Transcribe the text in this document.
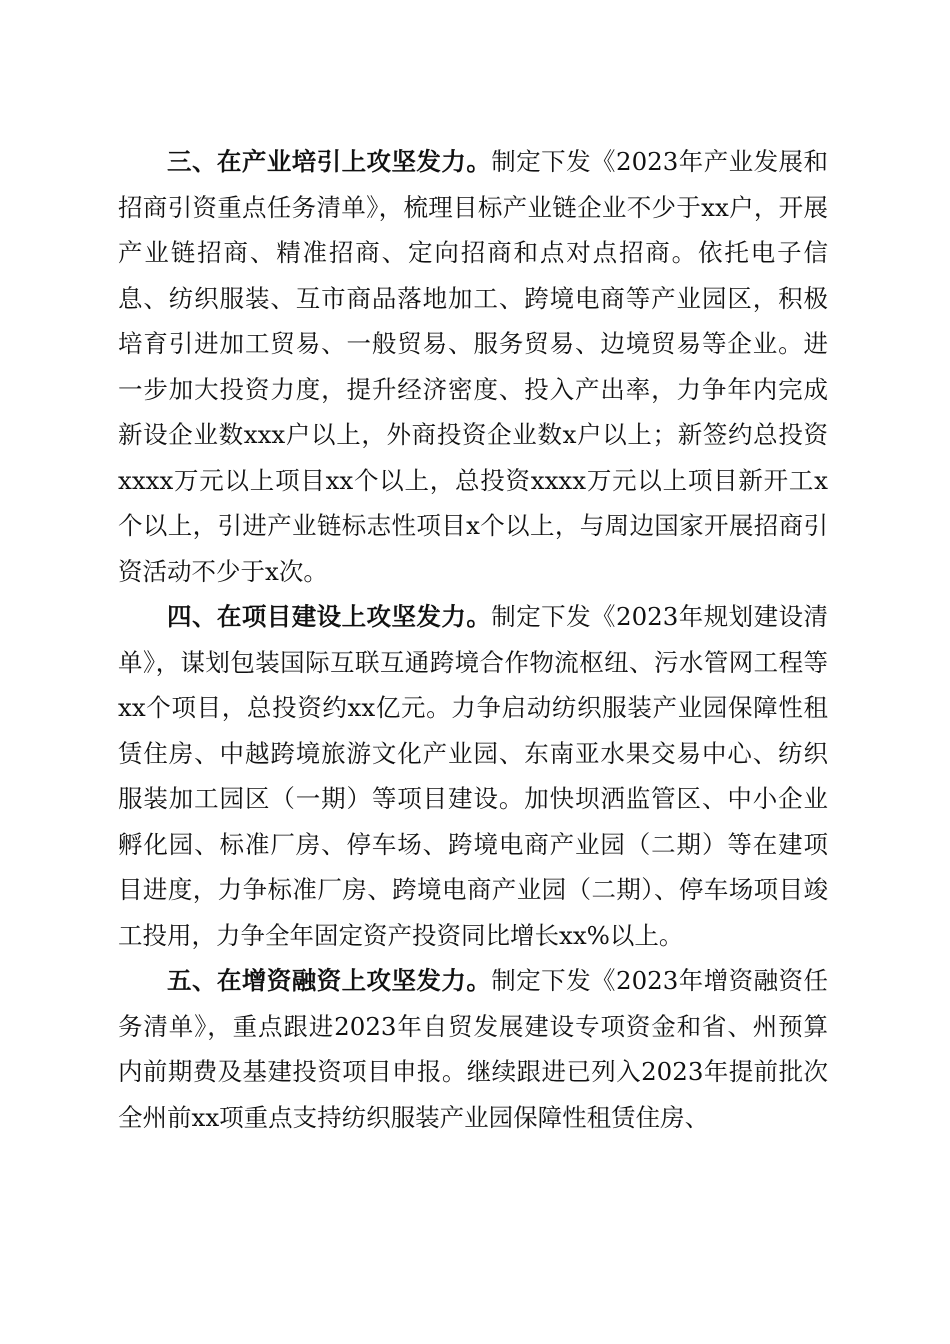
三、在产业培引上攻坚发力。制定下发《2023年产业发展和招商引资重点任务清单》，梳理目标产业链企业不少于xx户，开展产业链招商、精准招商、定向招商和点对点招商。依托电子信息、纺织服装、互市商品落地加工、跨境电商等产业园区，积极培育引进加工贸易、一般贸易、服务贸易、边境贸易等企业。进一步加大投资力度，提升经济密度、投入产出率，力争年内完成新设企业数xxx户以上，外商投资企业数x户以上；新签约总投资xxxx万元以上项目xx个以上，总投资xxxx万元以上项目新开工x个以上，引进产业链标志性项目x个以上，与周边国家开展招商引资活动不少于x次。

四、在项目建设上攻坚发力。制定下发《2023年规划建设清单》，谋划包装国际互联互通跨境合作物流枢纽、污水管网工程等xx个项目，总投资约xx亿元。力争启动纺织服装产业园保障性租赁住房、中越跨境旅游文化产业园、东南亚水果交易中心、纺织服装加工园区（一期）等项目建设。加快坝洒监管区、中小企业孵化园、标准厂房、停车场、跨境电商产业园（二期）等在建项目进度，力争标准厂房、跨境电商产业园（二期）、停车场项目竣工投用，力争全年固定资产投资同比增长xx%以上。

五、在增资融资上攻坚发力。制定下发《2023年增资融资任务清单》，重点跟进2023年自贸发展建设专项资金和省、州预算内前期费及基建投资项目申报。继续跟进已列入2023年提前批次全州前xx项重点支持纺织服装产业园保障性租赁住房、
